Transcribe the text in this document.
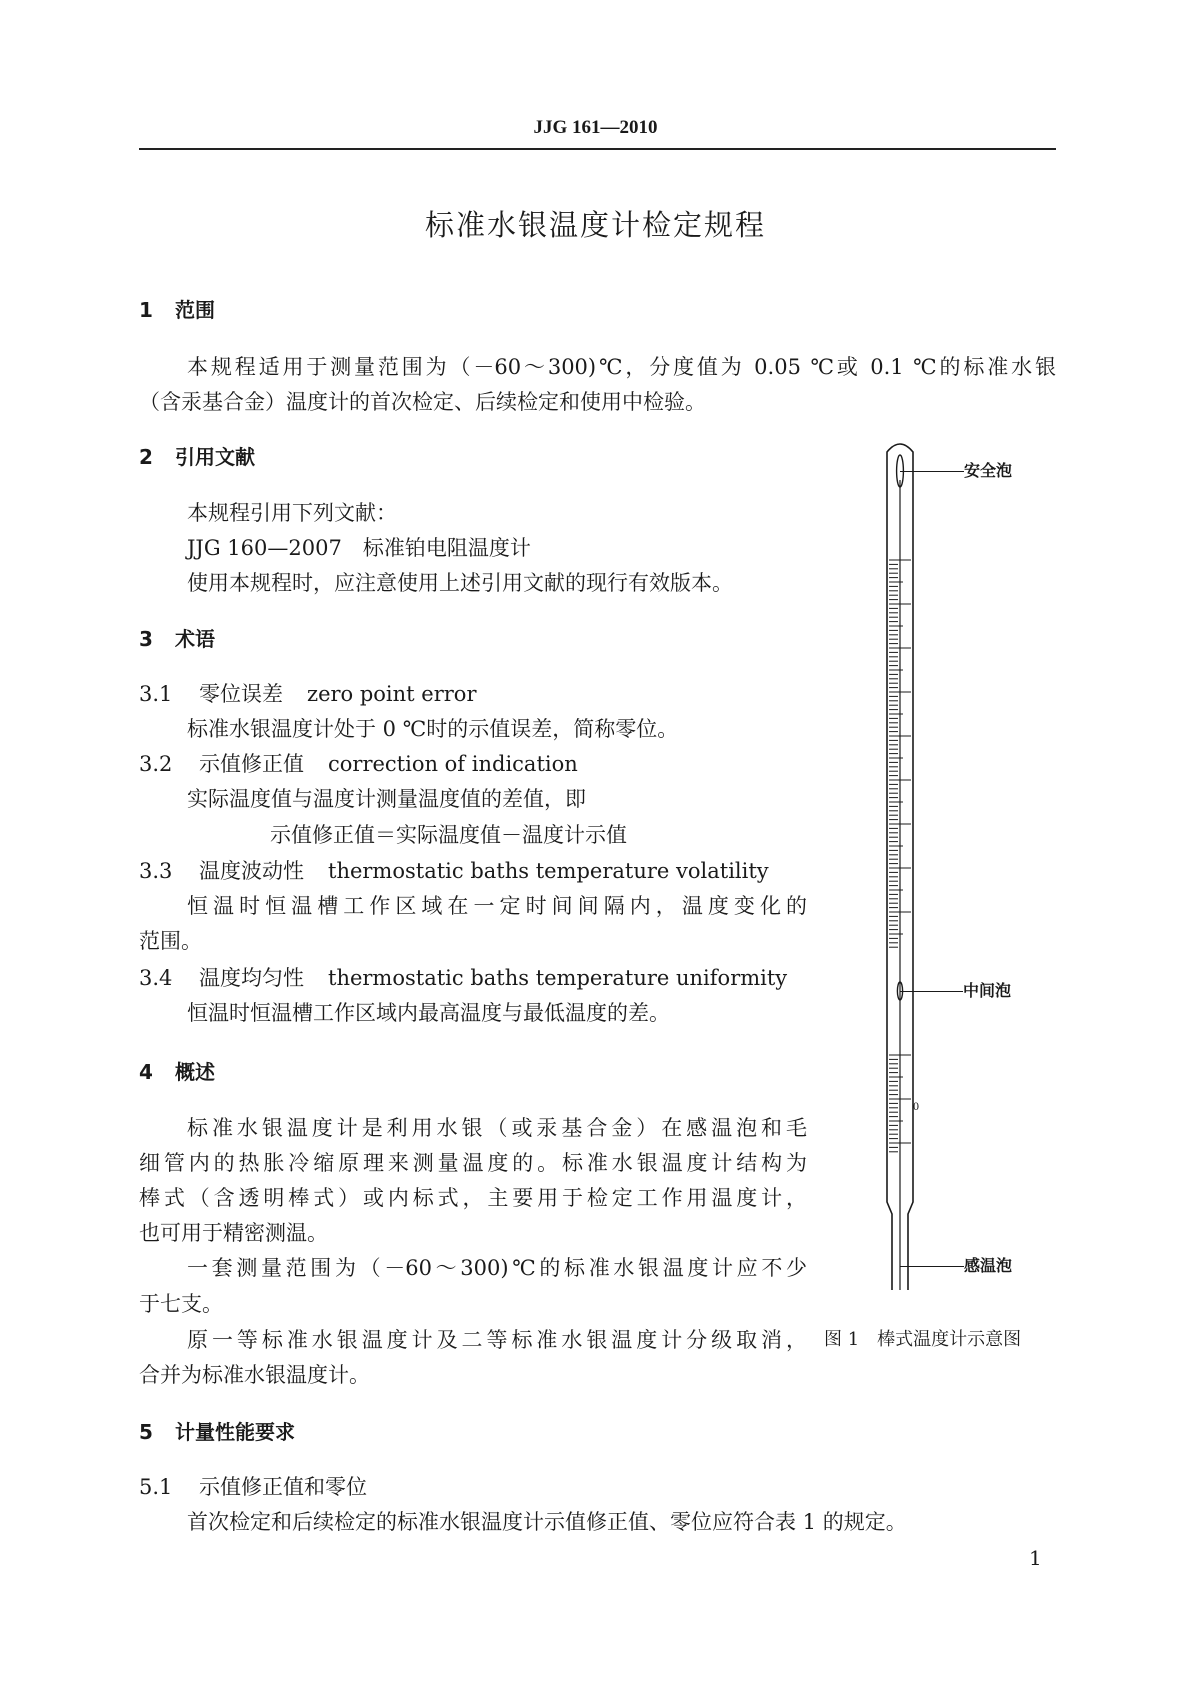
JJG 161—2010
标准水银温度计检定规程
1 范围
本规程适用于测量范围为（－60～300)℃，分度值为 0.05 ℃或 0.1 ℃的标准水银
（含汞基合金）温度计的首次检定、后续检定和使用中检验。
2 引用文献
本规程引用下列文献：
JJG 160—2007　标准铂电阻温度计
使用本规程时，应注意使用上述引用文献的现行有效版本。
3 术语
3.1 零位误差 zero point error
标准水银温度计处于 0 ℃时的示值误差，简称零位。
3.2 示值修正值 correction of indication
实际温度值与温度计测量温度值的差值，即
示值修正值＝实际温度值－温度计示值
3.3 温度波动性 thermostatic baths temperature volatility
恒温时恒温槽工作区域在一定时间间隔内，温度变化的
范围。
3.4 温度均匀性 thermostatic baths temperature uniformity
恒温时恒温槽工作区域内最高温度与最低温度的差。
4 概述
标准水银温度计是利用水银（或汞基合金）在感温泡和毛
细管内的热胀冷缩原理来测量温度的。标准水银温度计结构为
棒式（含透明棒式）或内标式，主要用于检定工作用温度计，
也可用于精密测温。
一套测量范围为（－60～300)℃的标准水银温度计应不少
于七支。
原一等标准水银温度计及二等标准水银温度计分级取消，
合并为标准水银温度计。
5 计量性能要求
5.1 示值修正值和零位
首次检定和后续检定的标准水银温度计示值修正值、零位应符合表 1 的规定。
0
安全泡
中间泡
感温泡
图 1　棒式温度计示意图
1
